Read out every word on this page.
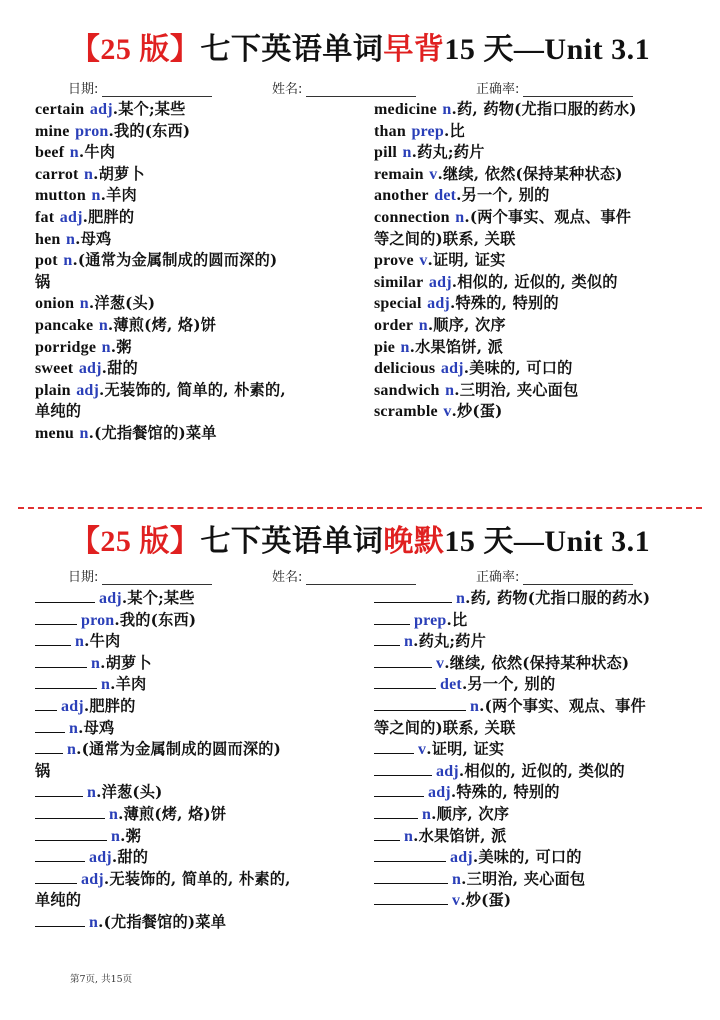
【25 版】七下英语单词早背15 天—Unit 3.1
日期:	姓名:	正确率:
certain adj.某个;某些
mine pron.我的(东西)
beef n.牛肉
carrot n.胡萝卜
mutton n.羊肉
fat adj.肥胖的
hen n.母鸡
pot n.(通常为金属制成的圆而深的)
锅
onion n.洋葱(头)
pancake n.薄煎(烤, 烙)饼
porridge n.粥
sweet adj.甜的
plain adj.无装饰的, 简单的, 朴素的,
单纯的
menu n.(尤指餐馆的)菜单
medicine n.药, 药物(尤指口服的药水)
than prep.比
pill n.药丸;药片
remain v.继续, 依然(保持某种状态)
another det.另一个, 别的
connection n.(两个事实、观点、事件
等之间的)联系, 关联
prove v.证明, 证实
similar adj.相似的, 近似的, 类似的
special adj.特殊的, 特别的
order n.顺序, 次序
pie n.水果馅饼, 派
delicious adj.美味的, 可口的
sandwich n.三明治, 夹心面包
scramble v.炒(蛋)
【25 版】七下英语单词晚默15 天—Unit 3.1
日期:	姓名:	正确率:
adj.某个;某些
pron.我的(东西)
n.牛肉
n.胡萝卜
n.羊肉
adj.肥胖的
n.母鸡
n.(通常为金属制成的圆而深的)
锅
n.洋葱(头)
n.薄煎(烤, 烙)饼
n.粥
adj.甜的
adj.无装饰的, 简单的, 朴素的,
单纯的
n.(尤指餐馆的)菜单
n.药, 药物(尤指口服的药水)
prep.比
n.药丸;药片
v.继续, 依然(保持某种状态)
det.另一个, 别的
n.(两个事实、观点、事件
等之间的)联系, 关联
v.证明, 证实
adj.相似的, 近似的, 类似的
adj.特殊的, 特别的
n.顺序, 次序
n.水果馅饼, 派
adj.美味的, 可口的
n.三明治, 夹心面包
v.炒(蛋)
第7页, 共15页
